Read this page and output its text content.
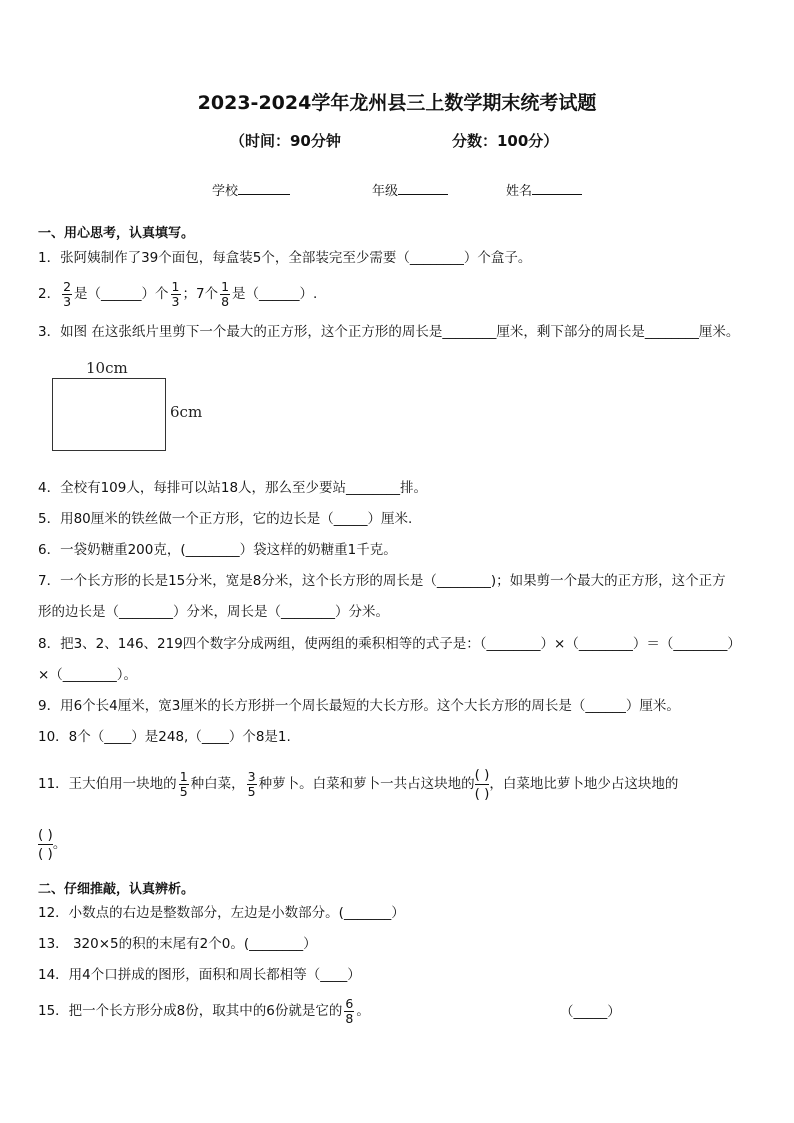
2023-2024学年龙州县三上数学期末统考试题
（时间：90分钟	分数：100分）
学校	年级	姓名
一、用心思考，认真填写。
1．张阿姨制作了39个面包，每盒装5个，全部装完至少需要（________）个盒子。
2． $\frac{2}{3}$ 是（______）个 $\frac{1}{3}$ ；7个 $\frac{1}{8}$ 是（______）.
3．如图 在这张纸片里剪下一个最大的正方形，这个正方形的周长是________厘米，剩下部分的周长是________厘米。
10cm
6cm
4．全校有109人，每排可以站18人，那么至少要站________排。
5．用80厘米的铁丝做一个正方形，它的边长是（_____）厘米.
6．一袋奶糖重200克，(________）袋这样的奶糖重1千克。
7．一个长方形的长是15分米，宽是8分米，这个长方形的周长是（________)；如果剪一个最大的正方形，这个正方
形的边长是（________）分米，周长是（________）分米。
8．把3、2、146、219四个数字分成两组，使两组的乘积相等的式子是：（________）×（________）＝（________）
×（________）。
9．用6个长4厘米，宽3厘米的长方形拼一个周长最短的大长方形。这个大长方形的周长是（______）厘米。
10．8个（____）是248,（____）个8是1.
11．王大伯用一块地的 $\frac{1}{5}$ 种白菜， $\frac{3}{5}$ 种萝卜。白菜和萝卜一共占这块地的
( )
( )
，白菜地比萝卜地少占这块地的
( )
( )
。
二、仔细推敲，认真辨析。
12．小数点的右边是整数部分，左边是小数部分。(_______）
13． 320×5的积的末尾有2个0。(________）
14．用4个口拼成的图形，面积和周长都相等（____）
15．把一个长方形分成8份，取其中的6份就是它的 $\frac{6}{8}$ 。	（_____）
